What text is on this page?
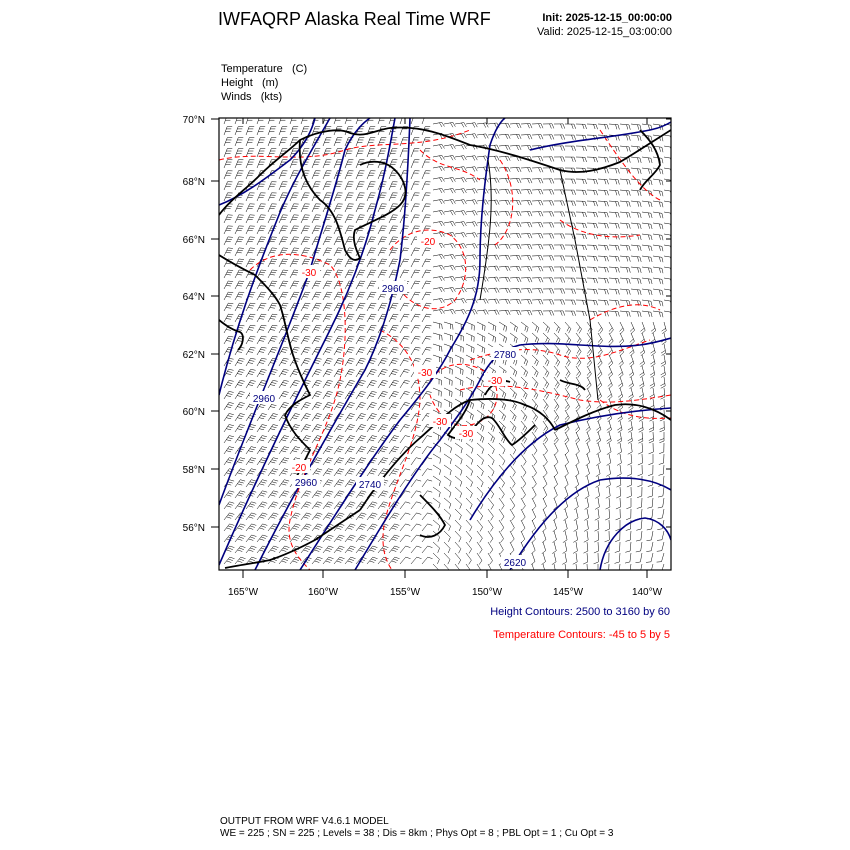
IWFAQRP Alaska Real Time WRF	Init: 2025-12-15_00:00:00
Valid: 2025-12-15_03:00:00
Temperature (C)
Height (m)
Winds (kts)
2960
2960
2960
2780
2740
2620
-20
-30
-30
-30
-20
-30
-30
56°N
58°N
60°N
62°N
64°N
66°N
68°N
70°N
165°W	160°W	155°W	150°W	145°W	140°W
Height Contours: 2500 to 3160 by 60
Temperature Contours: -45 to 5 by 5
OUTPUT FROM WRF V4.6.1 MODEL
WE = 225 ; SN = 225 ; Levels = 38 ; Dis = 8km ; Phys Opt = 8 ; PBL Opt = 1 ; Cu Opt = 3
